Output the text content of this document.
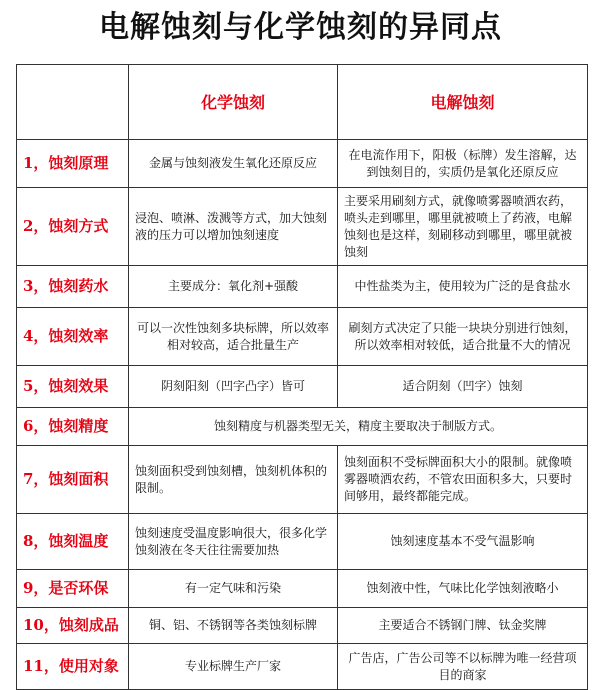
电解蚀刻与化学蚀刻的异同点
	化学蚀刻	电解蚀刻
1，蚀刻原理	金属与蚀刻液发生氧化还原反应	在电流作用下，阳极（标牌）发生溶解，达到蚀刻目的，实质仍是氧化还原反应
2，蚀刻方式	浸泡、喷淋、泼溅等方式，加大蚀刻液的压力可以增加蚀刻速度	主要采用刷刻方式，就像喷雾器喷洒农药，喷头走到哪里，哪里就被喷上了药液，电解蚀刻也是这样，刻刷移动到哪里，哪里就被蚀刻
3，蚀刻药水	主要成分：氧化剂+强酸	中性盐类为主，使用较为广泛的是食盐水
4，蚀刻效率	可以一次性蚀刻多块标牌，所以效率相对较高，适合批量生产	刷刻方式决定了只能一块块分别进行蚀刻，所以效率相对较低，适合批量不大的情况
5，蚀刻效果	阴刻阳刻（凹字凸字）皆可	适合阴刻（凹字）蚀刻
6，蚀刻精度	蚀刻精度与机器类型无关，精度主要取决于制版方式。	
7，蚀刻面积	蚀刻面积受到蚀刻槽，蚀刻机体积的限制。	蚀刻面积不受标牌面积大小的限制。就像喷雾器喷洒农药，不管农田面积多大，只要时间够用，最终都能完成。
8，蚀刻温度	蚀刻速度受温度影响很大，很多化学蚀刻液在冬天往往需要加热	蚀刻速度基本不受气温影响
9，是否环保	有一定气味和污染	蚀刻液中性，气味比化学蚀刻液略小
10，蚀刻成品	铜、铝、不锈钢等各类蚀刻标牌	主要适合不锈钢门牌、钛金奖牌
11，使用对象	专业标牌生产厂家	广告店，广告公司等不以标牌为唯一经营项目的商家
